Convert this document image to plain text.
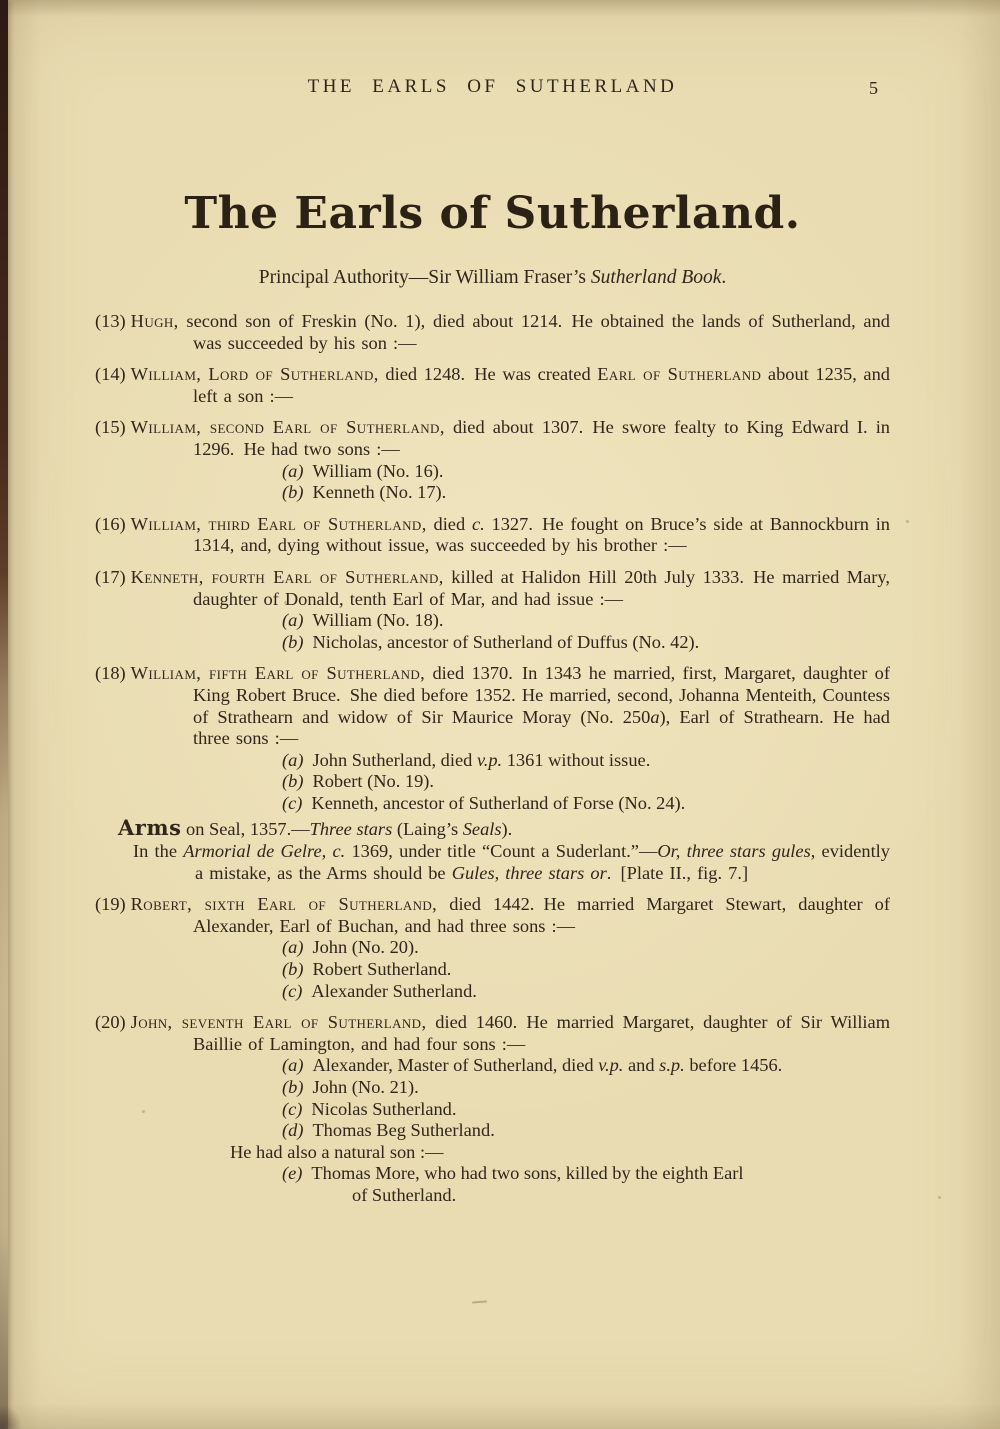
THE EARLS OF SUTHERLAND	5
The Earls of Sutherland.
Principal Authority—Sir William Fraser’s Sutherland Book.

(13) Hugh, second son of Freskin (No. 1), died about 1214. He obtained the lands of Sutherland, and was succeeded by his son :—

(14) William, Lord of Sutherland, died 1248. He was created Earl of Sutherland about 1235, and left a son :—

(15) William, second Earl of Sutherland, died about 1307. He swore fealty to King Edward I. in 1296. He had two sons :—

(a) William (No. 16).

(b) Kenneth (No. 17).

(16) William, third Earl of Sutherland, died c. 1327. He fought on Bruce’s side at Bannockburn in 1314, and, dying without issue, was succeeded by his brother :—

(17) Kenneth, fourth Earl of Sutherland, killed at Halidon Hill 20th July 1333. He married Mary, daughter of Donald, tenth Earl of Mar, and had issue :—

(a) William (No. 18).

(b) Nicholas, ancestor of Sutherland of Duffus (No. 42).

(18) William, fifth Earl of Sutherland, died 1370. In 1343 he married, first, Margaret, daughter of King Robert Bruce. She died before 1352. He married, second, Johanna Menteith, Countess of Strathearn and widow of Sir Maurice Moray (No. 250a), Earl of Strathearn. He had three sons :—

(a) John Sutherland, died v.p. 1361 without issue.

(b) Robert (No. 19).

(c) Kenneth, ancestor of Sutherland of Forse (No. 24).

Arms on Seal, 1357.—Three stars (Laing’s Seals).

In the Armorial de Gelre, c. 1369, under title “Count a Suderlant.”—Or, three stars gules, evidently a mistake, as the Arms should be Gules, three stars or. [Plate II., fig. 7.]

(19) Robert, sixth Earl of Sutherland, died 1442. He married Margaret Stewart, daughter of Alexander, Earl of Buchan, and had three sons :—

(a) John (No. 20).

(b) Robert Sutherland.

(c) Alexander Sutherland.

(20) John, seventh Earl of Sutherland, died 1460. He married Margaret, daughter of Sir William Baillie of Lamington, and had four sons :—

(a) Alexander, Master of Sutherland, died v.p. and s.p. before 1456.

(b) John (No. 21).

(c) Nicolas Sutherland.

(d) Thomas Beg Sutherland.

He had also a natural son :—

(e) Thomas More, who had two sons, killed by the eighth Earl
of Sutherland.
